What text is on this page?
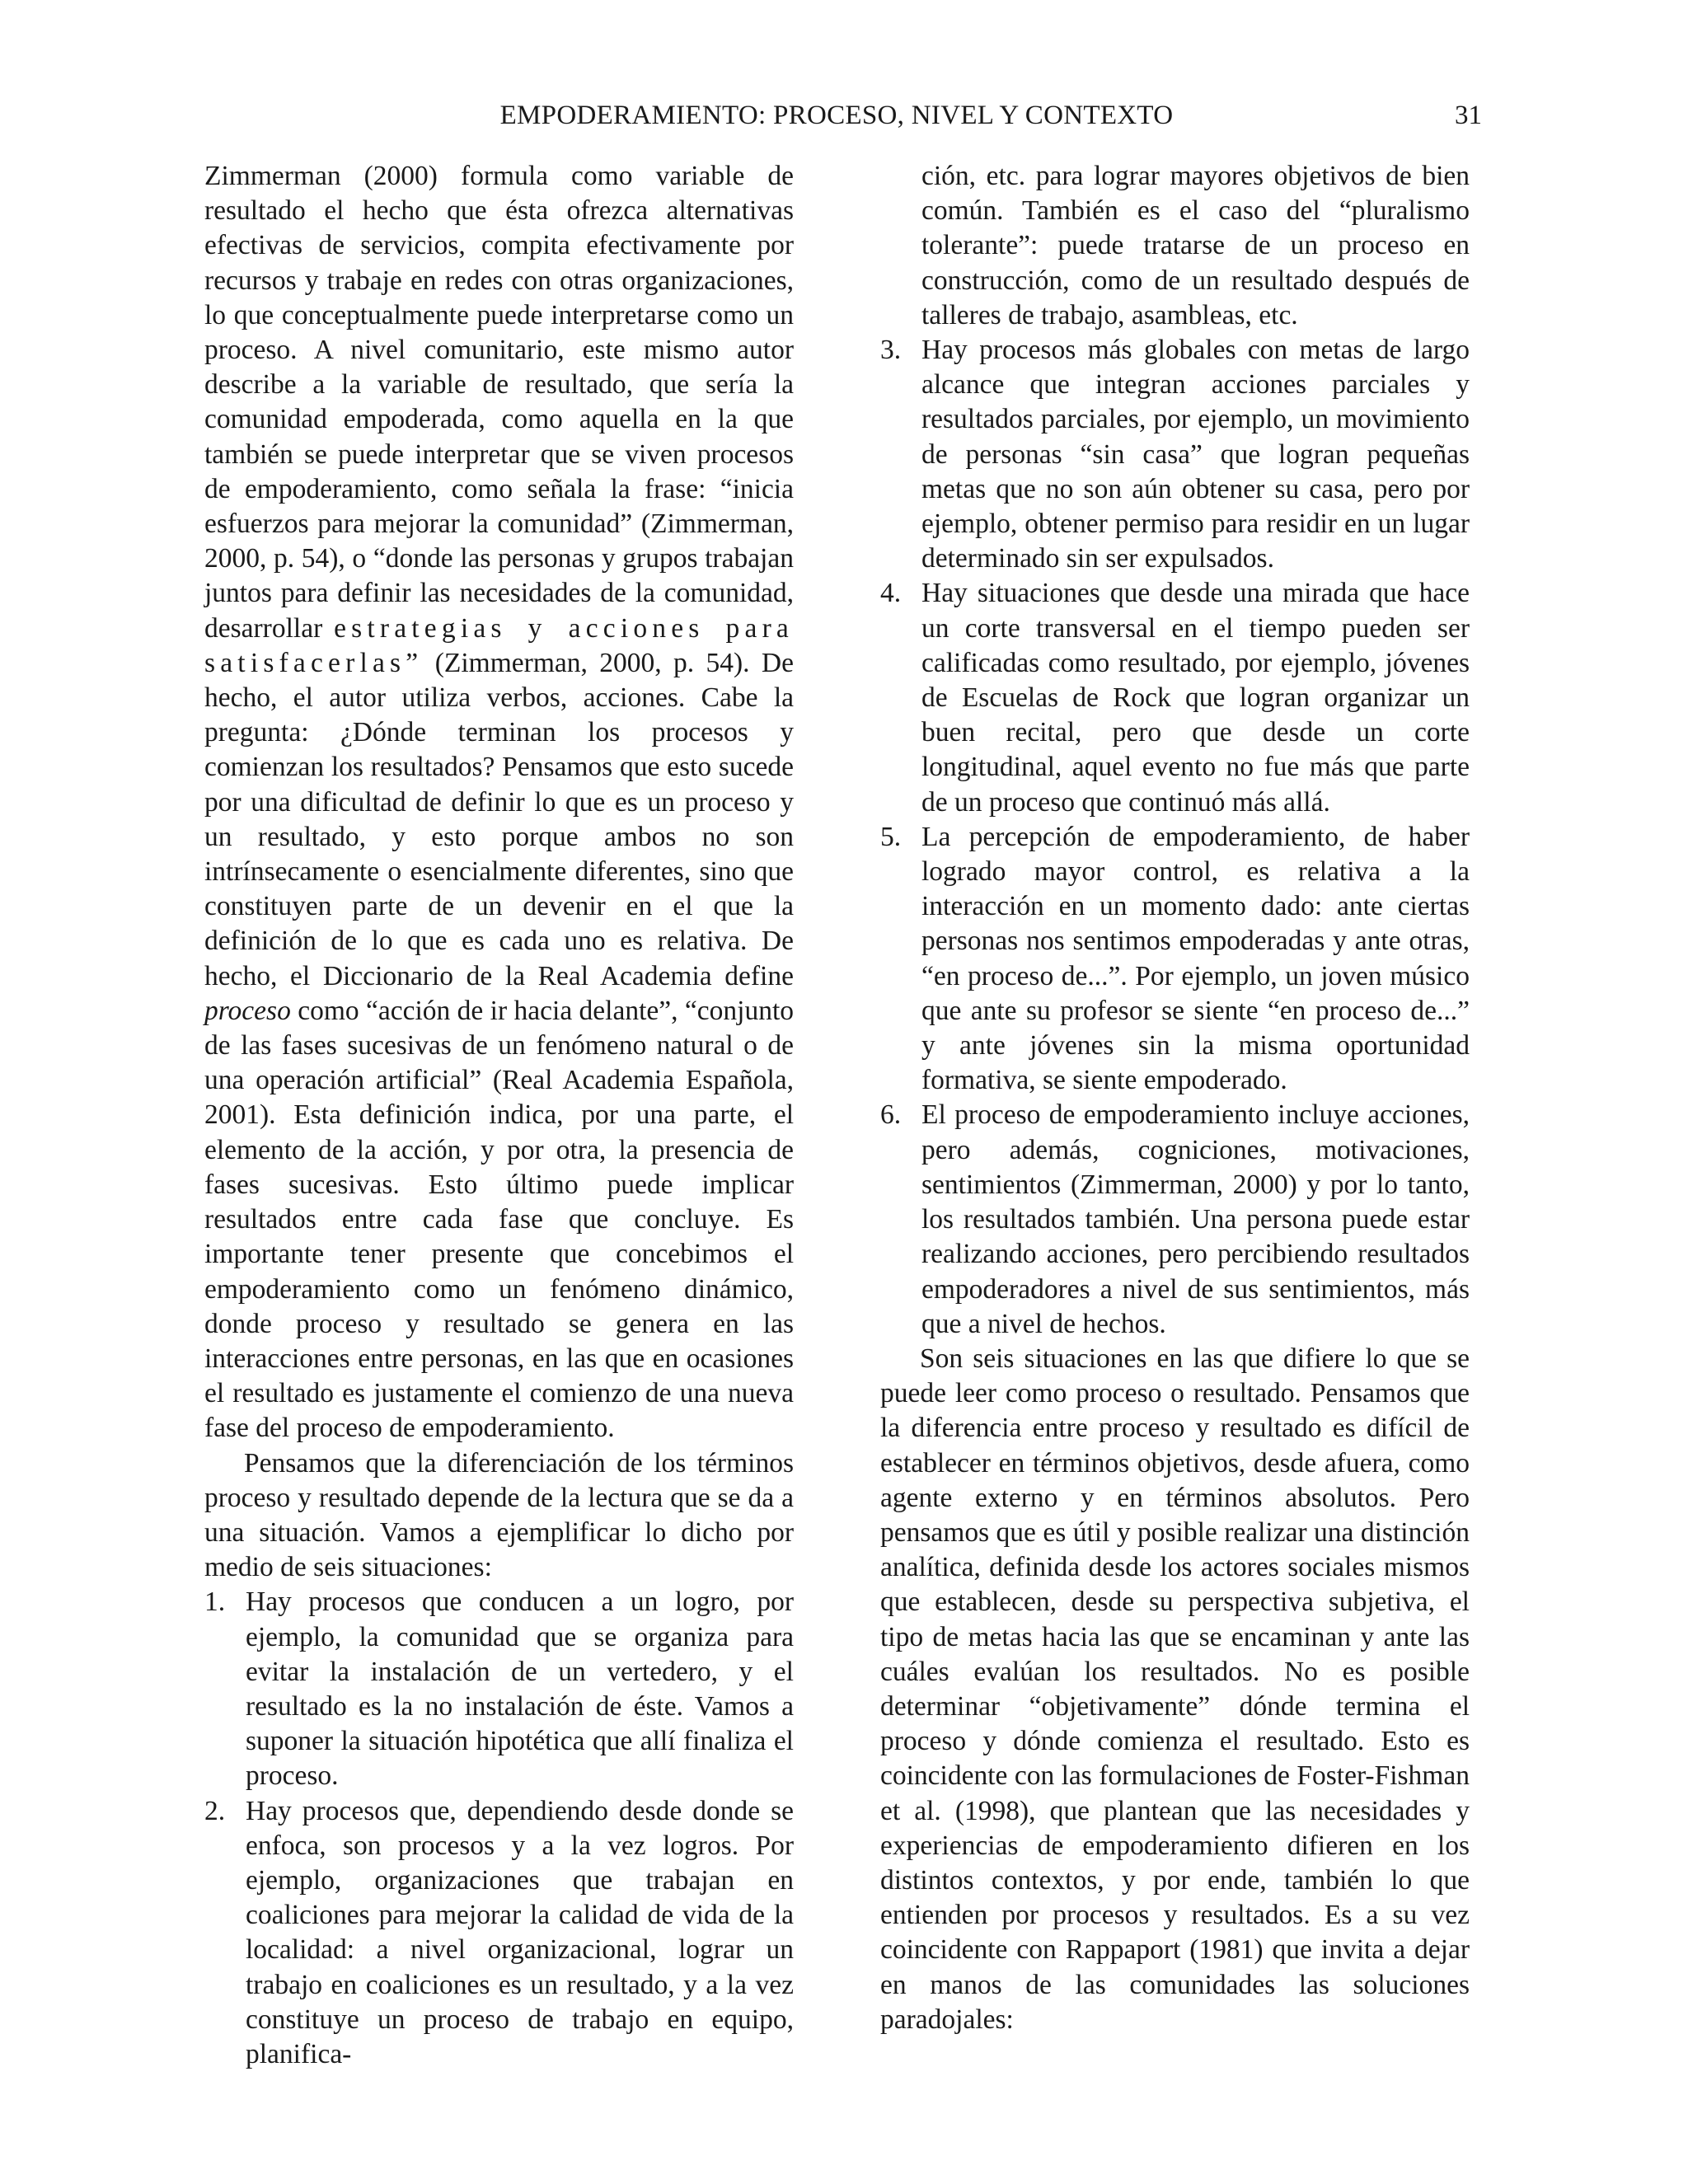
EMPODERAMIENTO: PROCESO, NIVEL Y CONTEXTO	31

Zimmerman (2000) formula como variable de resultado el hecho que ésta ofrezca alternativas efectivas de servicios, compita efectivamente por recursos y trabaje en redes con otras organizaciones, lo que conceptualmente puede interpretarse como un proceso. A nivel comunitario, este mismo autor describe a la variable de resultado, que sería la comunidad empoderada, como aquella en la que también se puede interpretar que se viven procesos de empoderamiento, como señala la frase: “inicia esfuerzos para mejorar la comunidad” (Zimmerman, 2000, p. 54), o “donde las personas y grupos trabajan juntos para definir las necesidades de la comunidad, desarrollar estrategias y acciones para satisfacerlas” (Zimmerman, 2000, p. 54). De hecho, el autor utiliza verbos, acciones. Cabe la pregunta: ¿Dónde terminan los procesos y comienzan los resultados? Pensamos que esto sucede por una dificultad de definir lo que es un proceso y un resultado, y esto porque ambos no son intrínsecamente o esencialmente diferentes, sino que constituyen parte de un devenir en el que la definición de lo que es cada uno es relativa. De hecho, el Diccionario de la Real Academia define proceso como “acción de ir hacia delante”, “conjunto de las fases sucesivas de un fenómeno natural o de una operación artificial” (Real Academia Española, 2001). Esta definición indica, por una parte, el elemento de la acción, y por otra, la presencia de fases sucesivas. Esto último puede implicar resultados entre cada fase que concluye. Es importante tener presente que concebimos el empoderamiento como un fenómeno dinámico, donde proceso y resultado se genera en las interacciones entre personas, en las que en ocasiones el resultado es justamente el comienzo de una nueva fase del proceso de empoderamiento.

Pensamos que la diferenciación de los términos proceso y resultado depende de la lectura que se da a una situación. Vamos a ejemplificar lo dicho por medio de seis situaciones:

1. Hay procesos que conducen a un logro, por ejemplo, la comunidad que se organiza para evitar la instalación de un vertedero, y el resultado es la no instalación de éste. Vamos a suponer la situación hipotética que allí finaliza el proceso.
2. Hay procesos que, dependiendo desde donde se enfoca, son procesos y a la vez logros. Por ejemplo, organizaciones que trabajan en coaliciones para mejorar la calidad de vida de la localidad: a nivel organizacional, lograr un trabajo en coaliciones es un resultado, y a la vez constituye un proceso de trabajo en equipo, planifica-
ción, etc. para lograr mayores objetivos de bien común. También es el caso del “pluralismo tolerante”: puede tratarse de un proceso en construcción, como de un resultado después de talleres de trabajo, asambleas, etc.
3. Hay procesos más globales con metas de largo alcance que integran acciones parciales y resultados parciales, por ejemplo, un movimiento de personas “sin casa” que logran pequeñas metas que no son aún obtener su casa, pero por ejemplo, obtener permiso para residir en un lugar determinado sin ser expulsados.
4. Hay situaciones que desde una mirada que hace un corte transversal en el tiempo pueden ser calificadas como resultado, por ejemplo, jóvenes de Escuelas de Rock que logran organizar un buen recital, pero que desde un corte longitudinal, aquel evento no fue más que parte de un proceso que continuó más allá.
5. La percepción de empoderamiento, de haber logrado mayor control, es relativa a la interacción en un momento dado: ante ciertas personas nos sentimos empoderadas y ante otras, “en proceso de...”. Por ejemplo, un joven músico que ante su profesor se siente “en proceso de...” y ante jóvenes sin la misma oportunidad formativa, se siente empoderado.
6. El proceso de empoderamiento incluye acciones, pero además, cogniciones, motivaciones, sentimientos (Zimmerman, 2000) y por lo tanto, los resultados también. Una persona puede estar realizando acciones, pero percibiendo resultados empoderadores a nivel de sus sentimientos, más que a nivel de hechos.

Son seis situaciones en las que difiere lo que se puede leer como proceso o resultado. Pensamos que la diferencia entre proceso y resultado es difícil de establecer en términos objetivos, desde afuera, como agente externo y en términos absolutos. Pero pensamos que es útil y posible realizar una distinción analítica, definida desde los actores sociales mismos que establecen, desde su perspectiva subjetiva, el tipo de metas hacia las que se encaminan y ante las cuáles evalúan los resultados. No es posible determinar “objetivamente” dónde termina el proceso y dónde comienza el resultado. Esto es coincidente con las formulaciones de Foster-Fishman et al. (1998), que plantean que las necesidades y experiencias de empoderamiento difieren en los distintos contextos, y por ende, también lo que entienden por procesos y resultados. Es a su vez coincidente con Rappaport (1981) que invita a dejar en manos de las comunidades las soluciones paradojales:
